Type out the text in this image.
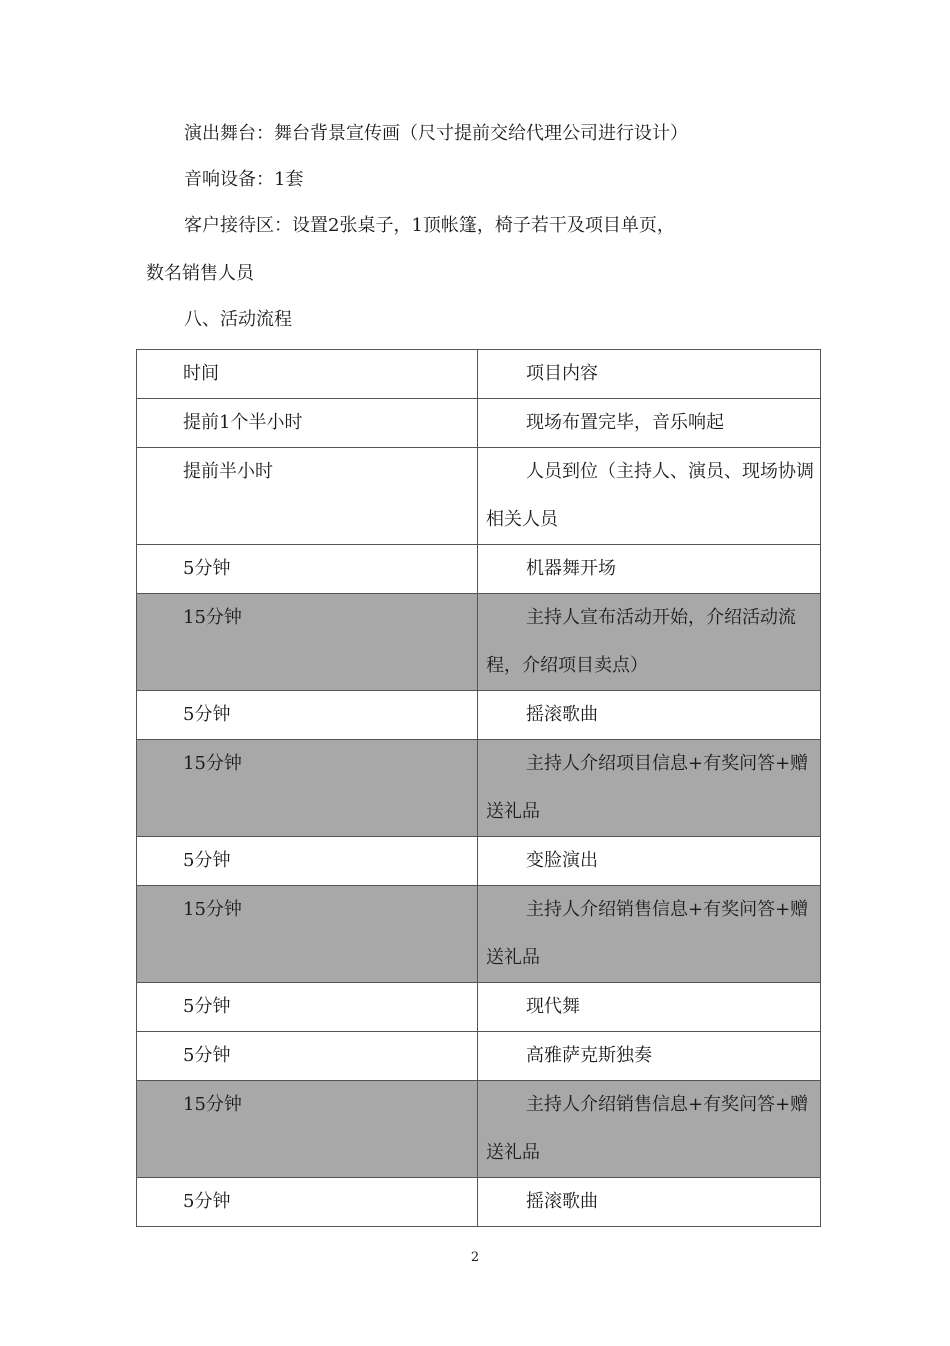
演出舞台：舞台背景宣传画（尺寸提前交给代理公司进行设计）

音响设备：1套

客户接待区：设置2张桌子，1顶帐篷，椅子若干及项目单页，

数名销售人员

八、活动流程

时间	项目内容

提前1个半小时	现场布置完毕，音乐响起

提前半小时	人员到位（主持人、演员、现场协调相关人员

5分钟	机器舞开场

15分钟	主持人宣布活动开始，介绍活动流程，介绍项目卖点）

5分钟	摇滚歌曲

15分钟	主持人介绍项目信息+有奖问答+赠送礼品

5分钟	变脸演出

15分钟	主持人介绍销售信息+有奖问答+赠送礼品

5分钟	现代舞

5分钟	高雅萨克斯独奏

15分钟	主持人介绍销售信息+有奖问答+赠送礼品

5分钟	摇滚歌曲
2
